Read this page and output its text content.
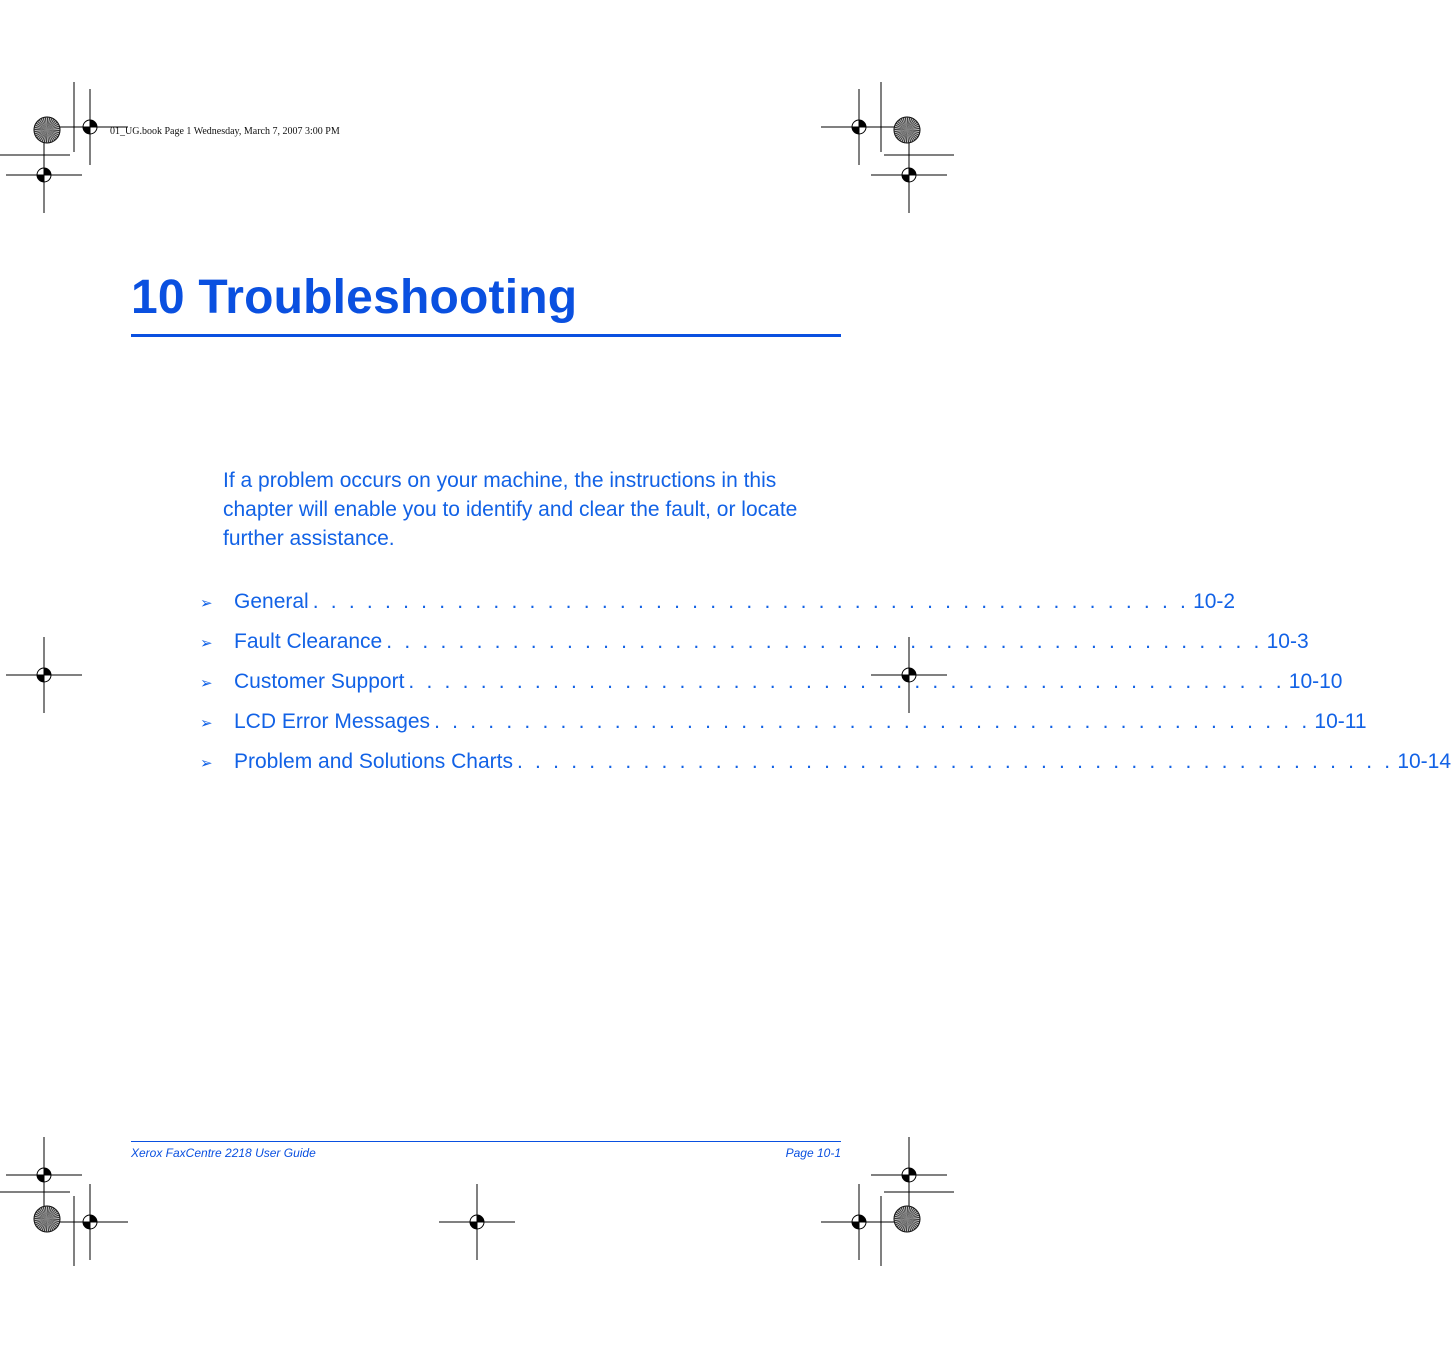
01_UG.book Page 1 Wednesday, March 7, 2007 3:00 PM
10 Troubleshooting

If a problem occurs on your machine, the instructions in this chapter will enable you to identify and clear the fault, or locate further assistance.

➢	General . . . . . . . . . . . . . . . . . . . . . . . . . . . . . . . . . . . . . . . . . . . . . . . . . 10-2
➢	Fault Clearance . . . . . . . . . . . . . . . . . . . . . . . . . . . . . . . . . . . . . . . . . . . . . . . . . 10-3
➢	Customer Support . . . . . . . . . . . . . . . . . . . . . . . . . . . . . . . . . . . . . . . . . . . . . . . . . 10-10
➢	LCD Error Messages . . . . . . . . . . . . . . . . . . . . . . . . . . . . . . . . . . . . . . . . . . . . . . . . . 10-11
➢	Problem and Solutions Charts . . . . . . . . . . . . . . . . . . . . . . . . . . . . . . . . . . . . . . . . . . . . . . . . . 10-14
Xerox FaxCentre 2218 User Guide	Page 10-1
